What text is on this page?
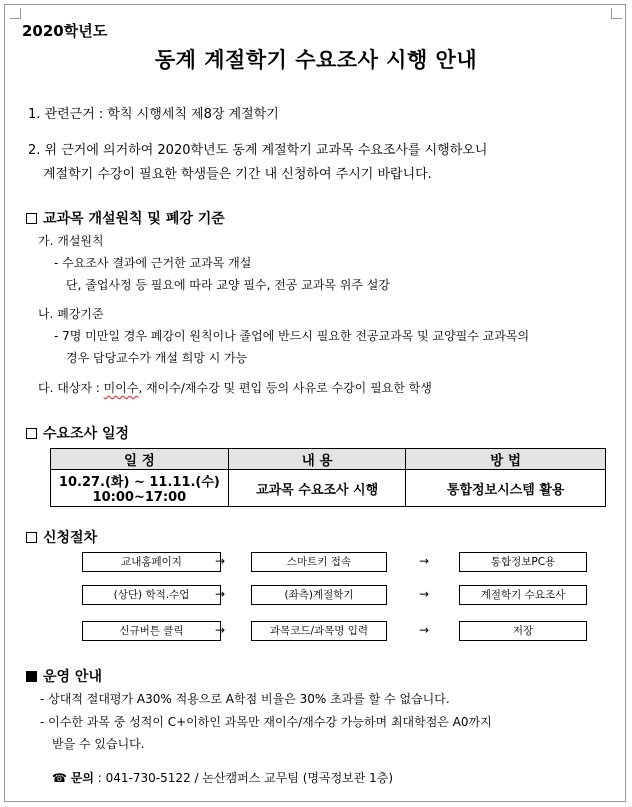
2020학년도
동계 계절학기 수요조사 시행 안내
1. 관련근거 : 학칙 시행세칙 제8장 계절학기
2. 위 근거에 의거하여 2020학년도 동계 계절학기 교과목 수요조사를 시행하오니
계절학기 수강이 필요한 학생들은 기간 내 신청하여 주시기 바랍니다.
교과목 개설원칙 및 폐강 기준
가. 개설원칙
- 수요조사 결과에 근거한 교과목 개설
단, 졸업사정 등 필요에 따라 교양 필수, 전공 교과목 위주 설강
나. 폐강기준
- 7명 미만일 경우 폐강이 원칙이나 졸업에 반드시 필요한 전공교과목 및 교양필수 교과목의
경우 담당교수가 개설 희망 시 가능
다. 대상자 : 미이수, 재이수/재수강 및 편입 등의 사유로 수강이 필요한 학생
수요조사 일정
일 정	내 용	방 법

10.27.(화) ~ 11.11.(수)
10:00~17:00	교과목 수요조사 시행	통합정보시스템 활용
신청절차
교내홈페이지	→	스마트키 접속	→	통합정보PC용
(상단) 학적.수업	→	(좌측)계절학기	→	계절학기 수요조사
신규버튼 클릭	→	과목코드/과목명 입력	→	저장
운영 안내
- 상대적 절대평가 A30% 적용으로 A학점 비율은 30% 초과를 할 수 없습니다.
- 이수한 과목 중 성적이 C+이하인 과목만 재이수/재수강 가능하며 최대학점은 A0까지
받을 수 있습니다.
☎ 문의 : 041-730-5122 / 논산캠퍼스 교무팀 (명곡정보관 1층)
